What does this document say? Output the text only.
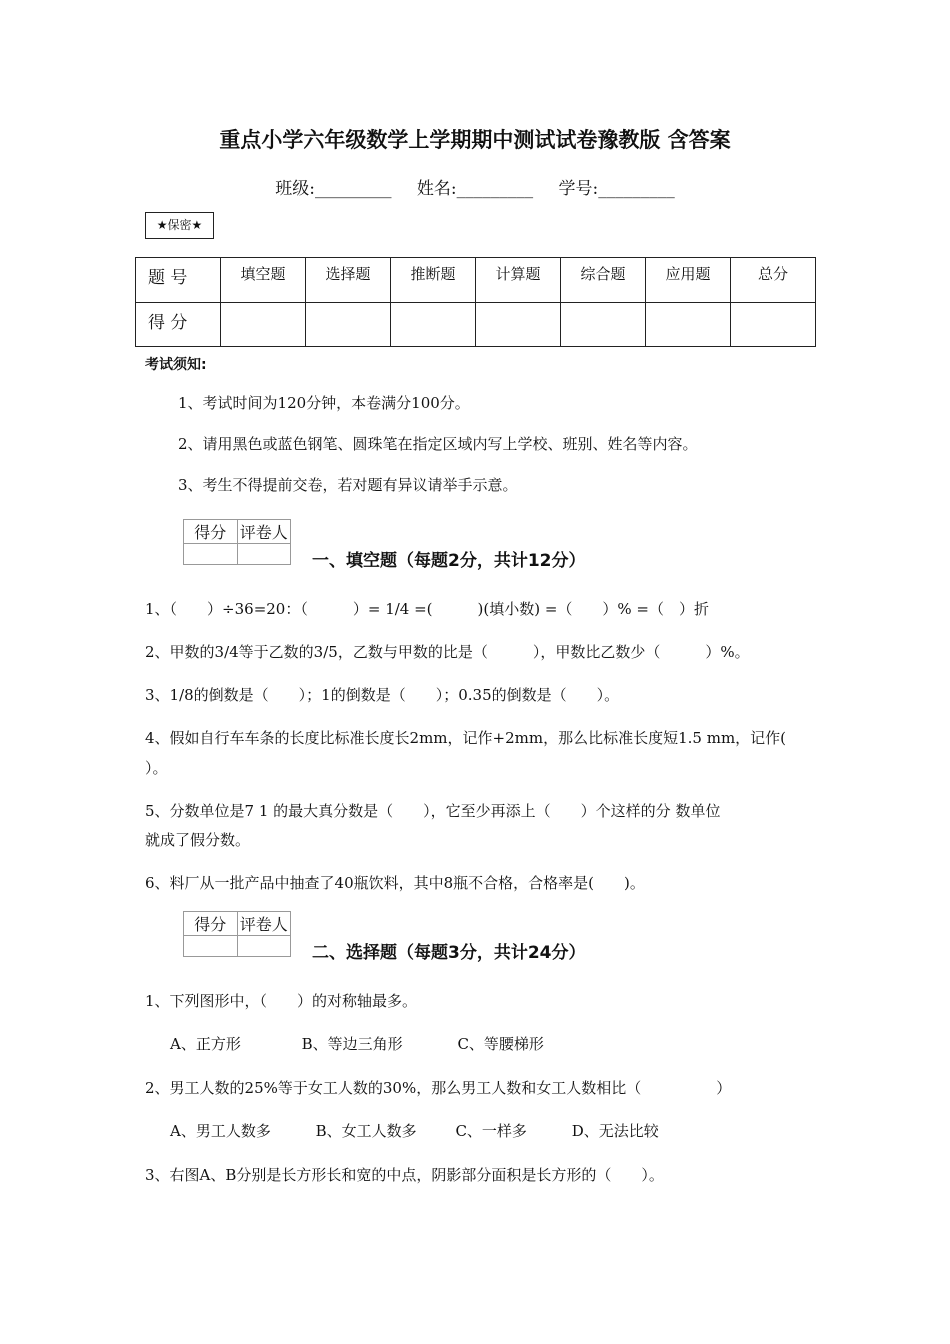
重点小学六年级数学上学期期中测试试卷豫教版 含答案
班级:_________ 姓名:_________ 学号:_________
★保密★
题 号	填空题	选择题	推断题	计算题	综合题	应用题	总分
得 分							
考试须知:
1、考试时间为120分钟，本卷满分100分。
2、请用黑色或蓝色钢笔、圆珠笔在指定区域内写上学校、班别、姓名等内容。
3、考生不得提前交卷，若对题有异议请举手示意。
得分	评卷人

一、填空题（每题2分，共计12分）
1、（　　）÷36=20：（　　　）= 1/4 =(　　　)(填小数) =（　　）% =（　）折
2、甲数的3/4等于乙数的3/5，乙数与甲数的比是（　　　），甲数比乙数少（　　　）%。
3、1/8的倒数是（　　）；1的倒数是（　　）；0.35的倒数是（　　）。
4、假如自行车车条的长度比标准长度长2mm，记作+2mm，那么比标准长度短1.5 mm，记作(
）。
5、分数单位是7 1 的最大真分数是（　　），它至少再添上（　　）个这样的分 数单位
就成了假分数。
6、料厂从一批产品中抽查了40瓶饮料，其中8瓶不合格，合格率是(　　)。
得分	评卷人

二、选择题（每题3分，共计24分）
1、下列图形中，（　　）的对称轴最多。
A、正方形	B、等边三角形	C、等腰梯形
2、男工人数的25%等于女工人数的30%，那么男工人数和女工人数相比（　　　　　）
A、男工人数多	B、女工人数多	C、一样多	D、无法比较
3、右图A、B分别是长方形长和宽的中点，阴影部分面积是长方形的（　　）。
